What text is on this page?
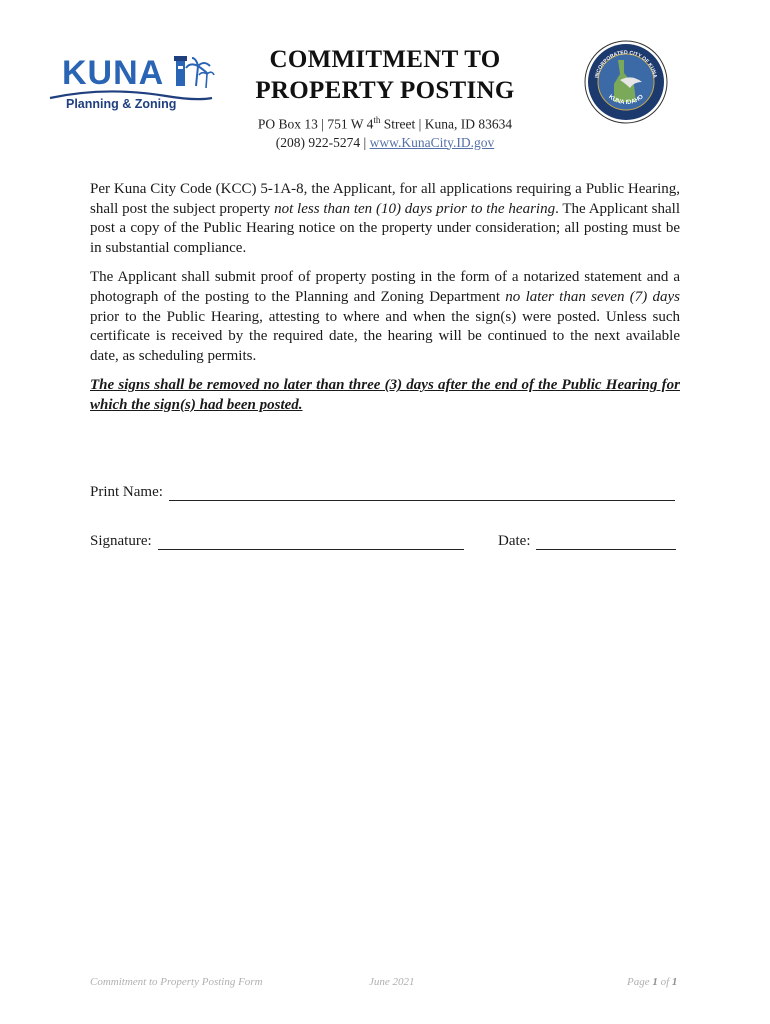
KUNA
Planning & Zoning
COMMITMENT TO
PROPERTY POSTING
PO Box 13 | 751 W 4th Street | Kuna, ID 83634
(208) 922-5274 | www.KunaCity.ID.gov
INCORPORATED CITY OF KUNA
KUNA IDAHO

Per Kuna City Code (KCC) 5-1A-8, the Applicant, for all applications requiring a Public Hearing, shall post the subject property not less than ten (10) days prior to the hearing. The Applicant shall post a copy of the Public Hearing notice on the property under consideration; all posting must be in substantial compliance.

The Applicant shall submit proof of property posting in the form of a notarized statement and a photograph of the posting to the Planning and Zoning Department no later than seven (7) days prior to the Public Hearing, attesting to where and when the sign(s) were posted. Unless such certificate is received by the required date, the hearing will be continued to the next available date, as scheduling permits.

The signs shall be removed no later than three (3) days after the end of the Public Hearing for which the sign(s) had been posted.

Print Name:
Signature:	Date:
Commitment to Property Posting Form	June 2021	Page 1 of 1
